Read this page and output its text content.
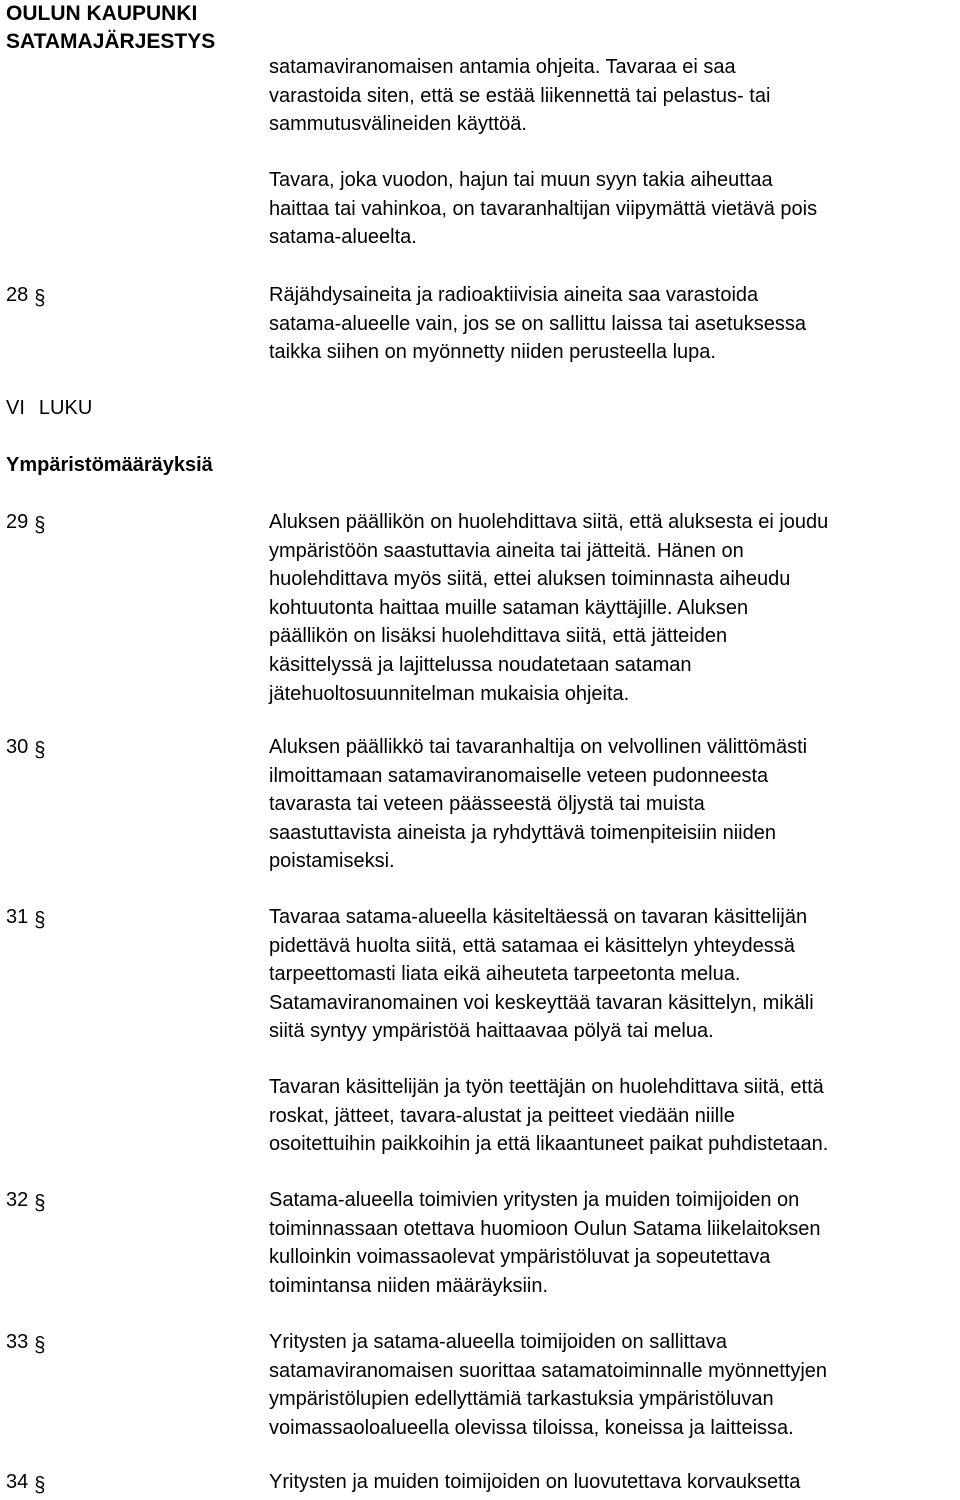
OULUN KAUPUNKI
SATAMAJÄRJESTYS
satamaviranomaisen antamia ohjeita. Tavaraa ei saa
varastoida siten, että se estää liikennettä tai pelastus- tai
sammutusvälineiden käyttöä.
Tavara, joka vuodon, hajun tai muun syyn takia aiheuttaa
haittaa tai vahinkoa, on tavaranhaltijan viipymättä vietävä pois
satama-alueelta.
28 §	Räjähdysaineita ja radioaktiivisia aineita saa varastoida
satama-alueelle vain, jos se on sallittu laissa tai asetuksessa
taikka siihen on myönnetty niiden perusteella lupa.
VI LUKU
Ympäristömääräyksiä
29 §	Aluksen päällikön on huolehdittava siitä, että aluksesta ei joudu
ympäristöön saastuttavia aineita tai jätteitä. Hänen on
huolehdittava myös siitä, ettei aluksen toiminnasta aiheudu
kohtuutonta haittaa muille sataman käyttäjille. Aluksen
päällikön on lisäksi huolehdittava siitä, että jätteiden
käsittelyssä ja lajittelussa noudatetaan sataman
jätehuoltosuunnitelman mukaisia ohjeita.
30 §	Aluksen päällikkö tai tavaranhaltija on velvollinen välittömästi
ilmoittamaan satamaviranomaiselle veteen pudonneesta
tavarasta tai veteen päässeestä öljystä tai muista
saastuttavista aineista ja ryhdyttävä toimenpiteisiin niiden
poistamiseksi.
31 §	Tavaraa satama-alueella käsiteltäessä on tavaran käsittelijän
pidettävä huolta siitä, että satamaa ei käsittelyn yhteydessä
tarpeettomasti liata eikä aiheuteta tarpeetonta melua.
Satamaviranomainen voi keskeyttää tavaran käsittelyn, mikäli
siitä syntyy ympäristöä haittaavaa pölyä tai melua.
Tavaran käsittelijän ja työn teettäjän on huolehdittava siitä, että
roskat, jätteet, tavara-alustat ja peitteet viedään niille
osoitettuihin paikkoihin ja että likaantuneet paikat puhdistetaan.
32 §	Satama-alueella toimivien yritysten ja muiden toimijoiden on
toiminnassaan otettava huomioon Oulun Satama liikelaitoksen
kulloinkin voimassaolevat ympäristöluvat ja sopeutettava
toimintansa niiden määräyksiin.
33 §	Yritysten ja satama-alueella toimijoiden on sallittava
satamaviranomaisen suorittaa satamatoiminnalle myönnettyjen
ympäristölupien edellyttämiä tarkastuksia ympäristöluvan
voimassaoloalueella olevissa tiloissa, koneissa ja laitteissa.
34 §	Yritysten ja muiden toimijoiden on luovutettava korvauksetta
